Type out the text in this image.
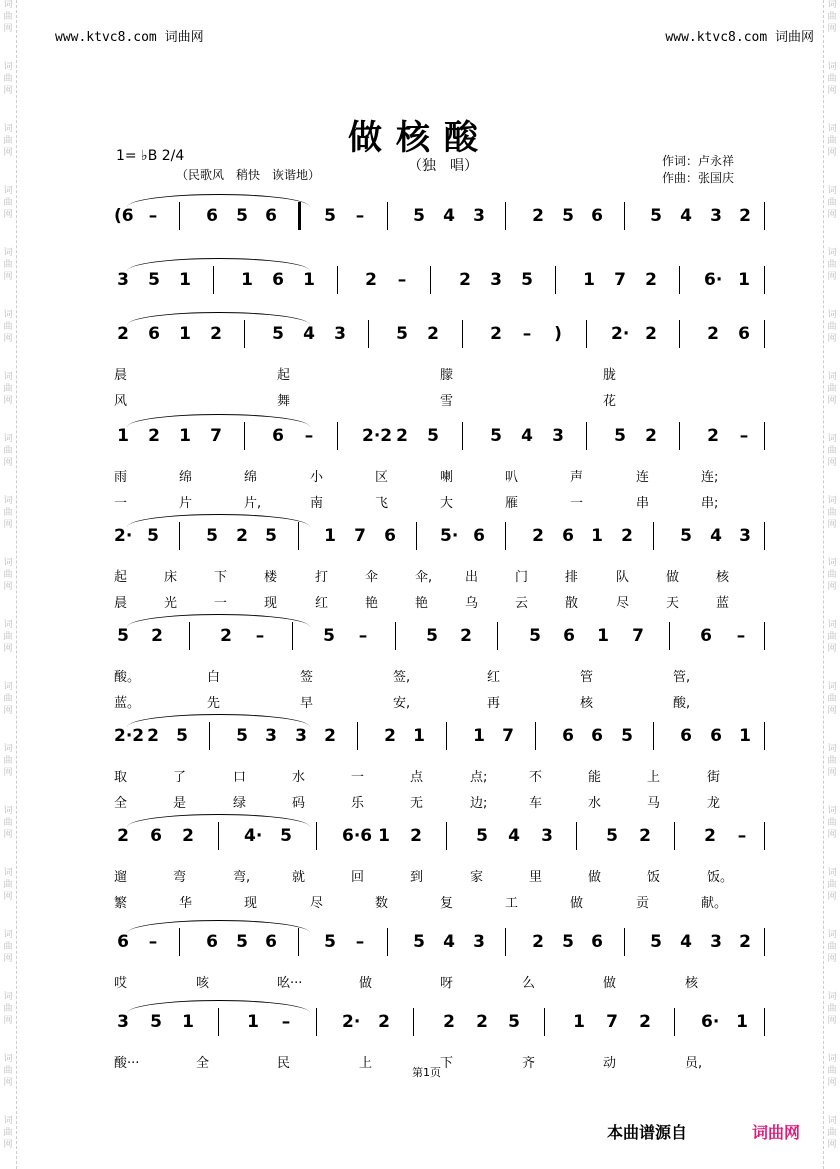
www.ktvc8.com 词曲网	www.ktvc8.com 词曲网
词
曲
网
词
曲
网
词
曲
网
词
曲
网
词
曲
网
词
曲
网
词
曲
网
词
曲
网
词
曲
网
词
曲
网
词
曲
网
词
曲
网
词
曲
网
词
曲
网
词
曲
网
词
曲
网
词
曲
网
词
曲
网
词
曲
网
词
曲
网
词
曲
网
词
曲
网
词
曲
网
词
曲
网
词
曲
网
词
曲
网
词
曲
网
词
曲
网
词
曲
网
词
曲
网
词
曲
网
词
曲
网
词
曲
网
词
曲
网
词
曲
网
词
曲
网
词
曲
网
词
曲
网
做核酸
（独　唱）
1= ♭B 2/4
（民歌风　稍快　诙谐地）
作词：卢永祥
作曲：张国庆
(6 –	6 5 6	5 –	5 4 3	2 5 6	5 4 3 2
3 5 1	1 6 1	2 –	2 3 5	1 7 2	6· 1
2 6 1 2	5 4 3	5 2	2 –	)	2· 2	2 6
晨	起	朦	胧
风	舞	雪	花
1 2 1 7	6 –	2·2 2 5	5 4 3	5 2	2 –
雨	绵	绵	小	区	喇	叭	声	连	连;
一	片	片,	南	飞	大	雁	一	串	串;
2· 5	5 2 5	1 7 6	5· 6	2 6 1 2	5 4 3
起	床	下	楼	打	伞	伞,	出	门	排	队	做	核
晨	光	一	现	红	艳	艳	乌	云	散	尽	天	蓝
5 2	2 –	5 –	5 2	5 6 1 7	6 –
酸。	白	签	签,	红	管	管,
蓝。	先	早	安,	再	核	酸,
2·2 2 5	5 3 3 2	2 1	1 7	6 6 5	6 6 1
取	了	口	水	一	点	点;	不	能	上	街
全	是	绿	码	乐	无	边;	车	水	马	龙
2 6 2	4· 5	6·6 1 2	5 4 3	5 2	2 –
遛	弯	弯,	就	回	到	家	里	做	饭	饭。
繁	华	现	尽	数	复	工	做	贡	献。
6 –	6 5 6	5 –	5 4 3	2 5 6	5 4 3 2
哎	咳	吆···	做	呀	么	做	核
3 5 1	1 –	2· 2	2 2 5	1 7 2	6· 1
酸···	全	民	上	下	齐	动	员,
第1页
本曲谱源自	词曲网
